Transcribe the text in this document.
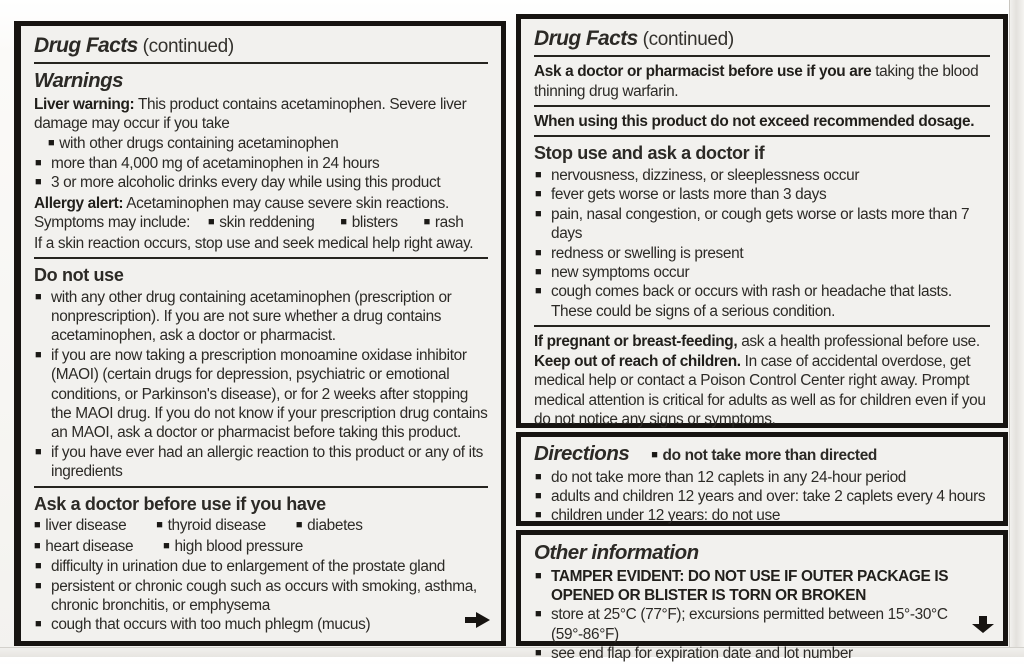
Drug Facts (continued)
Warnings

Liver warning: This product contains acetaminophen. Severe liver damage may occur if you take ■ with other drugs containing acetaminophen

■ more than 4,000 mg of acetaminophen in 24 hours
■ 3 or more alcoholic drinks every day while using this product

Allergy alert: Acetaminophen may cause severe skin reactions. Symptoms may include: ■ skin reddening ■ blisters ■ rash

If a skin reaction occurs, stop use and seek medical help right away.

Do not use
■ with any other drug containing acetaminophen (prescription or nonprescription). If you are not sure whether a drug contains acetaminophen, ask a doctor or pharmacist.
■ if you are now taking a prescription monoamine oxidase inhibitor (MAOI) (certain drugs for depression, psychiatric or emotional conditions, or Parkinson's disease), or for 2 weeks after stopping the MAOI drug. If you do not know if your prescription drug contains an MAOI, ask a doctor or pharmacist before taking this product.
■ if you have ever had an allergic reaction to this product or any of its ingredients
Ask a doctor before use if you have
■ liver disease	■ thyroid disease	■ diabetes
■ heart disease	■ high blood pressure
■ difficulty in urination due to enlargement of the prostate gland
■ persistent or chronic cough such as occurs with smoking, asthma, chronic bronchitis, or emphysema
■ cough that occurs with too much phlegm (mucus)
Drug Facts (continued)

Ask a doctor or pharmacist before use if you are taking the blood thinning drug warfarin.

When using this product do not exceed recommended dosage.

Stop use and ask a doctor if
■ nervousness, dizziness, or sleeplessness occur
■ fever gets worse or lasts more than 3 days
■ pain, nasal congestion, or cough gets worse or lasts more than 7 days
■ redness or swelling is present
■ new symptoms occur
■ cough comes back or occurs with rash or headache that lasts. These could be signs of a serious condition.

If pregnant or breast-feeding, ask a health professional before use.
Keep out of reach of children. In case of accidental overdose, get medical help or contact a Poison Control Center right away. Prompt medical attention is critical for adults as well as for children even if you do not notice any signs or symptoms.

Directions ■ do not take more than directed
■ do not take more than 12 caplets in any 24-hour period
■ adults and children 12 years and over: take 2 caplets every 4 hours
■ children under 12 years: do not use
Other information
■ TAMPER EVIDENT: DO NOT USE IF OUTER PACKAGE IS OPENED OR BLISTER IS TORN OR BROKEN
■ store at 25°C (77°F); excursions permitted between 15°-30°C (59°-86°F)
■ see end flap for expiration date and lot number
